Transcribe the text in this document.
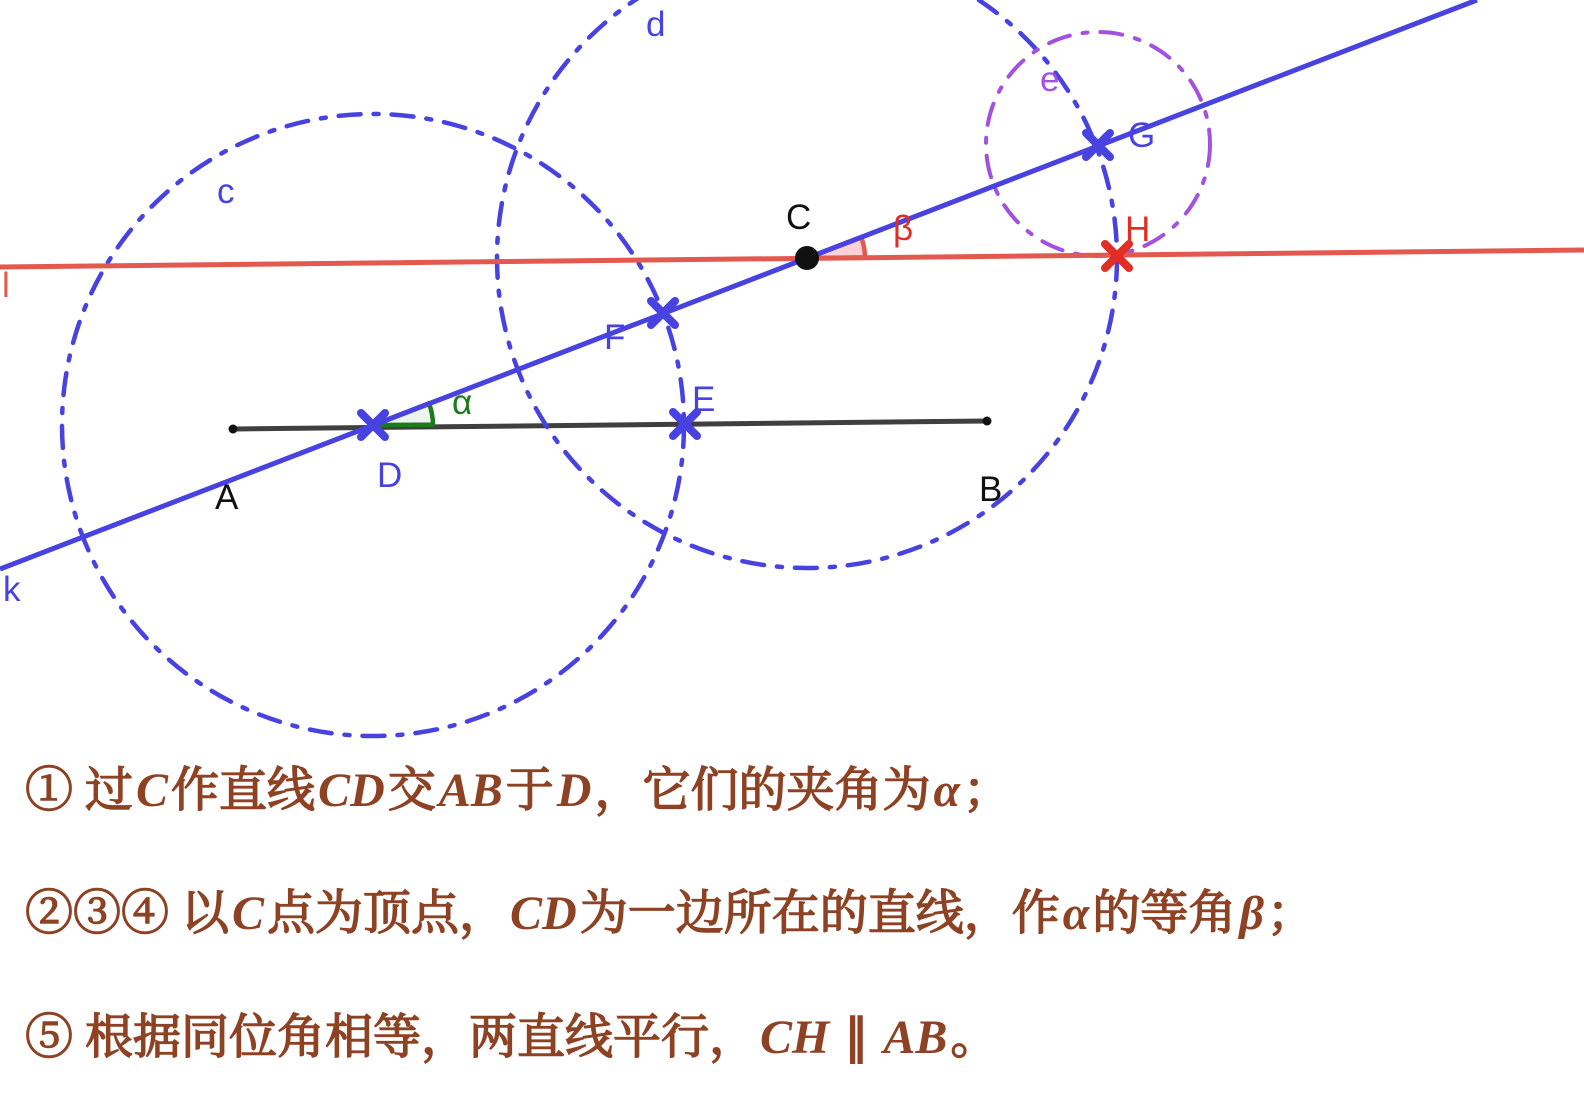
d
e
G
c
C β	H
l
F
E
α
D
A	B
k
① 过C作直线CD交AB于D，它们的夹角为α；
②③④ 以C点为顶点，CD为一边所在的直线，作α的等角β；
⑤ 根据同位角相等，两直线平行，CH ∥ AB。
